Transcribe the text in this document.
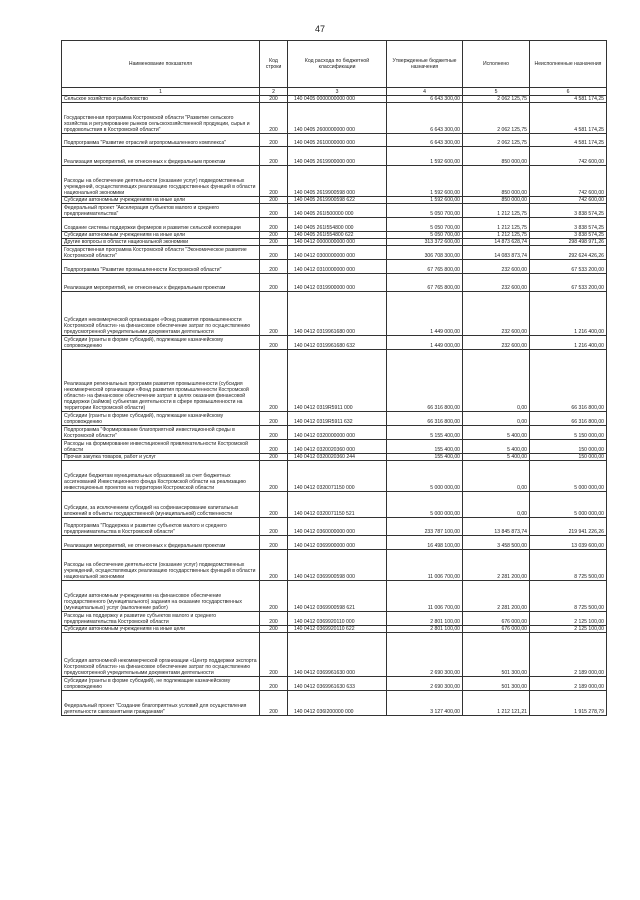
47
Наименование показателя	Код строки	Код расхода по бюджетной классификации	Утвержденные бюджетные назначения	Исполнено	Неисполненные назначения
1	2	3	4	5	6
Сельское хозяйство и рыболовство	200	140 0405 0000000000 000	6 643 300,00	2 062 125,75	4 581 174,25
Государственная программа Костромской области "Развитие сельского хозяйства и регулирование рынков сельскохозяйственной продукции, сырья и продовольствия в Костромской области"	200	140 0405 2600000000 000	6 643 300,00	2 062 125,75	4 581 174,25
Подпрограмма "Развитие отраслей агропромышленного комплекса"	200	140 0405 2610000000 000	6 643 300,00	2 062 125,75	4 581 174,25
Реализация мероприятий, не отнесенных к федеральным проектам	200	140 0405 2619900000 000	1 592 600,00	850 000,00	742 600,00
Расходы на обеспечение деятельности (оказание услуг) подведомственных учреждений, осуществляющих реализацию государственных функций в области национальной экономики	200	140 0405 2619900598 000	1 592 600,00	850 000,00	742 600,00
Субсидии автономным учреждениям на иные цели	200	140 0405 2619900598 622	1 592 600,00	850 000,00	742 600,00
Федеральный проект "Акселерация субъектов малого и среднего предпринимательства"	200	140 0405 261I500000 000	5 050 700,00	1 212 125,75	3 838 574,25
Создание системы поддержки фермеров и развитие сельской кооперации	200	140 0405 261I554800 000	5 050 700,00	1 212 125,75	3 838 574,25
Субсидии автономным учреждениям на иные цели	200	140 0405 261I554800 622	5 050 700,00	1 212 125,75	3 838 574,25
Другие вопросы в области национальной экономики	200	140 0412 0000000000 000	313 372 600,00	14 873 628,74	298 498 971,26
Государственная программа Костромской области "Экономическое развитие Костромской области"	200	140 0412 0300000000 000	306 708 300,00	14 083 873,74	292 624 426,26
Подпрограмма "Развитие промышленности Костромской области"	200	140 0412 0310000000 000	67 765 800,00	232 600,00	67 533 200,00
Реализация мероприятий, не отнесенных к федеральным проектам	200	140 0412 0319900000 000	67 765 800,00	232 600,00	67 533 200,00
Субсидия некоммерческой организации «Фонд развития промышленности Костромской области» на финансовое обеспечение затрат по осуществлению предусмотренной учредительными документами деятельности	200	140 0412 0319961680 000	1 449 000,00	232 600,00	1 216 400,00
Субсидии (гранты в форме субсидий), подлежащие казначейскому сопровождению	200	140 0412 0319961680 632	1 449 000,00	232 600,00	1 216 400,00
Реализация региональных программ развития промышленности (субсидия некоммерческой организации «Фонд развития промышленности Костромской области» на финансовое обеспечение затрат в целях оказания финансовой поддержки (займов) субъектам деятельности в сфере промышленности на территории Костромской области)	200	140 0412 0319R5911 000	66 316 800,00	0,00	66 316 800,00
Субсидии (гранты в форме субсидий), подлежащие казначейскому сопровождению	200	140 0412 0319R5911 632	66 316 800,00	0,00	66 316 800,00
Подпрограмма "Формирование благоприятной инвестиционной среды в Костромской области"	200	140 0412 0320000000 000	5 155 400,00	5 400,00	5 150 000,00
Расходы на формирование инвестиционной привлекательности Костромской области	200	140 0412 0320020360 000	155 400,00	5 400,00	150 000,00
Прочая закупка товаров, работ и услуг	200	140 0412 0320020360 244	155 400,00	5 400,00	150 000,00
Субсидии бюджетам муниципальных образований за счет бюджетных ассигнований Инвестиционного фонда Костромской области на реализацию инвестиционных проектов на территории Костромской области	200	140 0412 0320071150 000	5 000 000,00	0,00	5 000 000,00
Субсидии, за исключением субсидий на софинансирование капитальных вложений в объекты государственной (муниципальной) собственности	200	140 0412 0320071150 521	5 000 000,00	0,00	5 000 000,00
Подпрограмма "Поддержка и развитие субъектов малого и среднего предпринимательства в Костромской области"	200	140 0412 0360000000 000	233 787 100,00	13 845 873,74	219 941 226,26
Реализация мероприятий, не отнесенных к федеральным проектам	200	140 0412 0369900000 000	16 498 100,00	3 458 500,00	13 039 600,00
Расходы на обеспечение деятельности (оказание услуг) подведомственных учреждений, осуществляющих реализацию государственных функций в области национальной экономики	200	140 0412 0369900598 000	11 006 700,00	2 281 200,00	8 725 500,00
Субсидии автономным учреждениям на финансовое обеспечение государственного (муниципального) задания на оказание государственных (муниципальных) услуг (выполнение работ)	200	140 0412 0369900598 621	11 006 700,00	2 281 200,00	8 725 500,00
Расходы на поддержку и развитие субъектов малого и среднего предпринимательства Костромской области	200	140 0412 0369920110 000	2 801 100,00	676 000,00	2 125 100,00
Субсидии автономным учреждениям на иные цели	200	140 0412 0369920110 622	2 801 100,00	676 000,00	2 125 100,00
Субсидия автономной некоммерческой организации «Центр поддержки экспорта Костромской области» на финансовое обеспечение затрат по осуществлению предусмотренной учредительными документами деятельности	200	140 0412 0369961630 000	2 690 300,00	501 300,00	2 189 000,00
Субсидии (гранты в форме субсидий), не подлежащие казначейскому сопровождению	200	140 0412 0369961630 633	2 690 300,00	501 300,00	2 189 000,00
Федеральный проект "Создание благоприятных условий для осуществления деятельности самозанятыми гражданами"	200	140 0412 036I200000 000	3 127 400,00	1 212 121,21	1 915 278,79
